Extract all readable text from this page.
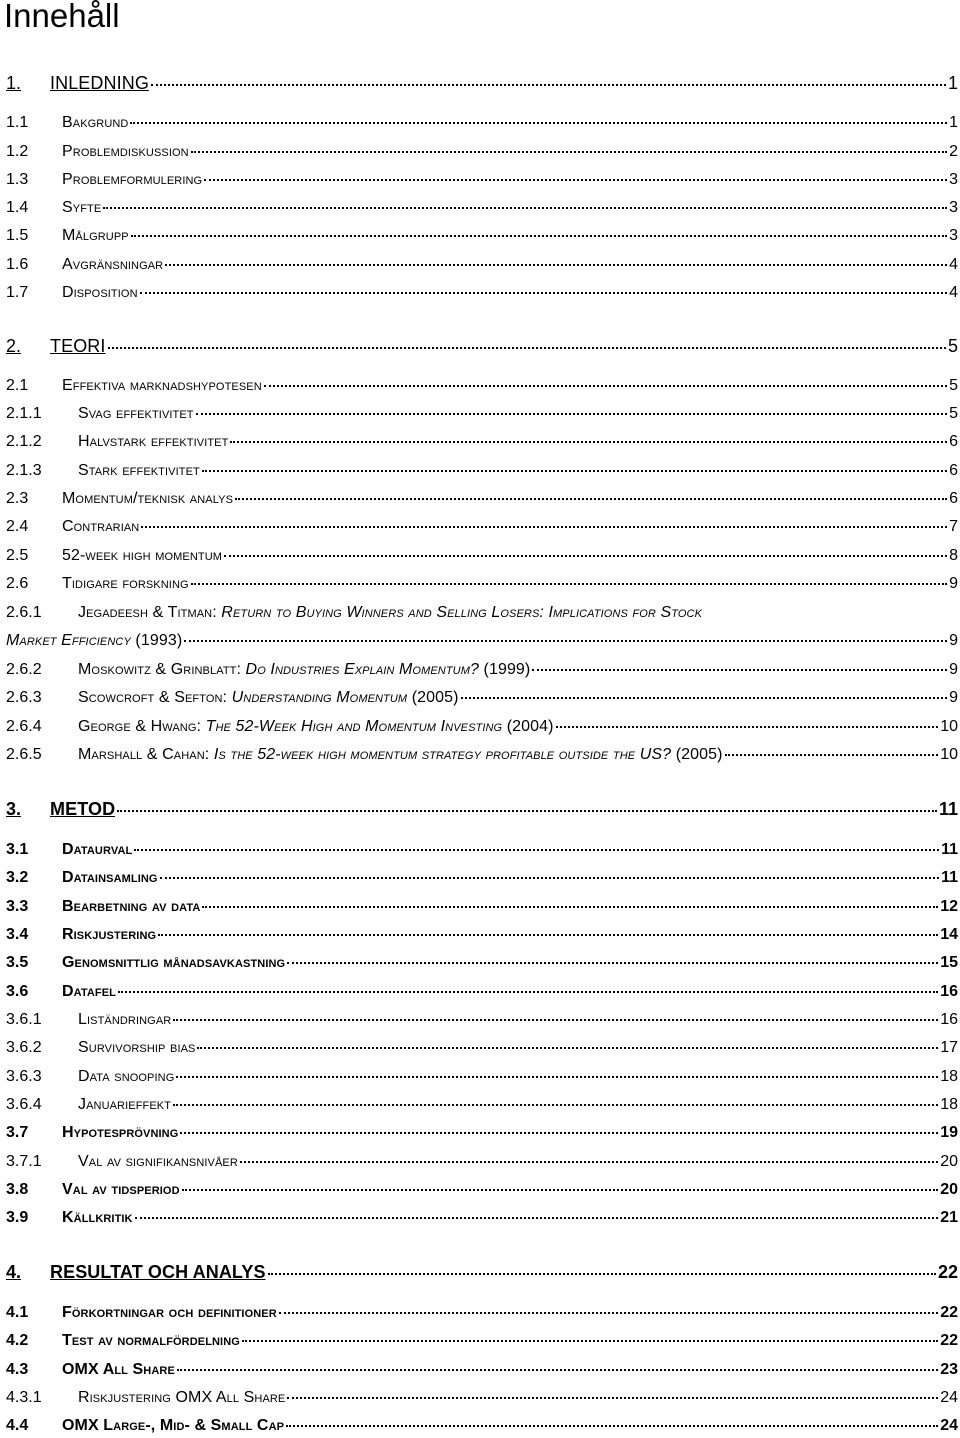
Innehåll
1.	INLEDNING	1
1.1	Bakgrund	1
1.2	Problemdiskussion	2
1.3	Problemformulering	3
1.4	Syfte	3
1.5	Målgrupp	3
1.6	Avgränsningar	4
1.7	Disposition	4
2.	TEORI	5
2.1	Effektiva marknadshypotesen	5
2.1.1	Svag effektivitet	5
2.1.2	Halvstark effektivitet	6
2.1.3	Stark effektivitet	6
2.3	Momentum/teknisk analys	6
2.4	Contrarian	7
2.5	52-week high momentum	8
2.6	Tidigare forskning	9
2.6.1	Jegadeesh & Titman: Return to Buying Winners and Selling Losers: Implications for Stock
Market Efficiency (1993)	9
2.6.2	Moskowitz & Grinblatt: Do Industries Explain Momentum? (1999)	9
2.6.3	Scowcroft & Sefton: Understanding Momentum (2005)	9
2.6.4	George & Hwang: The 52-Week High and Momentum Investing (2004)	10
2.6.5	Marshall & Cahan: Is the 52-week high momentum strategy profitable outside the US? (2005)	10
3.	METOD	11
3.1	Dataurval	11
3.2	Datainsamling	11
3.3	Bearbetning av data	12
3.4	Riskjustering	14
3.5	Genomsnittlig månadsavkastning	15
3.6	Datafel	16
3.6.1	Liständringar	16
3.6.2	Survivorship bias	17
3.6.3	Data snooping	18
3.6.4	Januarieffekt	18
3.7	Hypotesprövning	19
3.7.1	Val av signifikansnivåer	20
3.8	Val av tidsperiod	20
3.9	Källkritik	21
4.	RESULTAT OCH ANALYS	22
4.1	Förkortningar och definitioner	22
4.2	Test av normalfördelning	22
4.3	OMX All Share	23
4.3.1	Riskjustering OMX All Share	24
4.4	OMX Large-, Mid- & Small Cap	24
